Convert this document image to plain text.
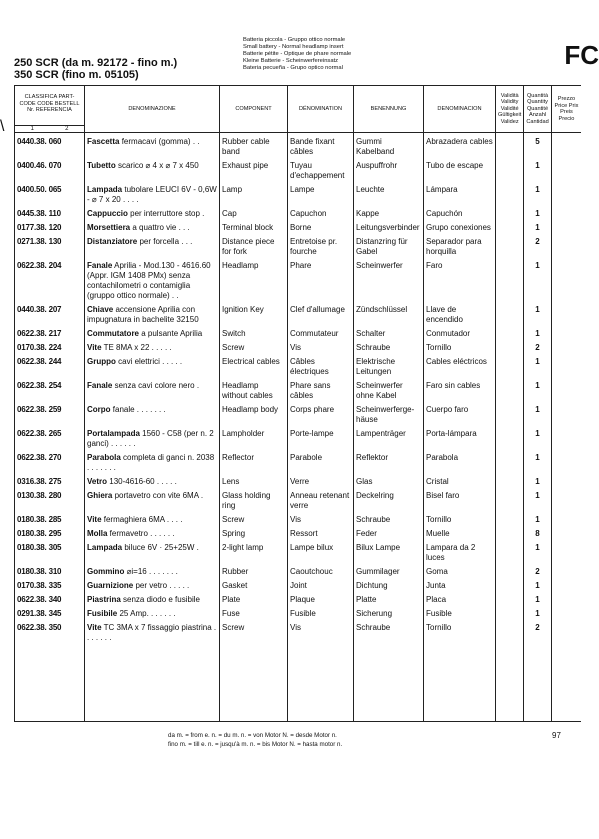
250 SCR (da m. 92172 - fino m.)
350 SCR (fino m. 05105)
Batteria piccola - Gruppo ottico normale
Small battery - Normal headlamp insert
Batterie pétite - Optique de phare normale
Kleine Batterie - Scheinwerfereinsatz
Bateria pecueña - Grupo optico normal	FC
\
CLASSIFICA PART-CODE CODE BESTELL Nr. REFERENCIA
1 2	DENOMINAZIONE	COMPONENT	DÉNOMINATION	BENENNUNG	DENOMINACION	Validità Validity Validité Gültigkeit Validez	Quantità Quantity Quantité Anzahl Cantidad	Prezzo Price Prix Preis Precio

0440.38. 060	Fascetta fermacavi (gomma) . .	Rubber cable band	Bande fixant câbles	Gummi Kabelband	Abrazadera cables		5	

0400.46. 070	Tubetto scarico ⌀ 4 x ⌀ 7 x 450	Exhaust pipe	Tuyau d'echappement	Auspuffrohr	Tubo de escape		1	

0400.50. 065	Lampada tubolare LEUCI 6V - 0,6W - ⌀ 7 x 20 . . . .	Lamp	Lampe	Leuchte	Lámpara		1	

0445.38. 110	Cappuccio per interruttore stop .	Cap	Capuchon	Kappe	Capuchón		1	

0177.38. 120	Morsettiera a quattro vie . . .	Terminal block	Borne	Leitungsverbinder	Grupo conexiones		1	

0271.38. 130	Distanziatore per forcella . . .	Distance piece for fork	Entretoise pr. fourche	Distanzring für Gabel	Separador para horquilla		2	

0622.38. 204	Fanale Aprilia - Mod.130 - 4616.60 (Appr. IGM 1408 PMx) senza contachilometri o contamiglia (gruppo ottico normale) . .	Headlamp	Phare	Scheinwerfer	Faro		1	

0440.38. 207	Chiave accensione Aprilia con impugnatura in bachelite 32150	Ignition Key	Clef d'allumage	Zündschlüssel	Llave de encendido		1	

0622.38. 217	Commutatore a pulsante Aprilia	Switch	Commutateur	Schalter	Conmutador		1	

0170.38. 224	Vite TE 8MA x 22 . . . . .	Screw	Vis	Schraube	Tornillo		2	

0622.38. 244	Gruppo cavi elettrici . . . . .	Electrical cables	Câbles électriques	Elektrische Leitungen	Cables eléctricos		1	

0622.38. 254	Fanale senza cavi colore nero .	Headlamp without cables	Phare sans câbles	Scheinwerfer ohne Kabel	Faro sin cables		1	

0622.38. 259	Corpo fanale . . . . . . .	Headlamp body	Corps phare	Scheinwerferge-häuse	Cuerpo faro		1	

0622.38. 265	Portalampada 1560 - C58 (per n. 2 ganci) . . . . . .	Lampholder	Porte-lampe	Lampenträger	Porta-lámpara		1	

0622.38. 270	Parabola completa di ganci n. 2038 . . . . . . .	Reflector	Parabole	Reflektor	Parabola		1	

0316.38. 275	Vetro 130-4616-60 . . . . .	Lens	Verre	Glas	Cristal		1	

0130.38. 280	Ghiera portavetro con vite 6MA .	Glass holding ring	Anneau retenant verre	Deckelring	Bisel faro		1	

0180.38. 285	Vite fermaghiera 6MA . . . .	Screw	Vis	Schraube	Tornillo		1	

0180.38. 295	Molla fermavetro . . . . . .	Spring	Ressort	Feder	Muelle		8	

0180.38. 305	Lampada biluce 6V · 25+25W .	2-light lamp	Lampe bilux	Bilux Lampe	Lampara da 2 luces		1	

0180.38. 310	Gommino ⌀i=16 . . . . . . .	Rubber	Caoutchouc	Gummilager	Goma		2	

0170.38. 335	Guarnizione per vetro . . . . .	Gasket	Joint	Dichtung	Junta		1	

0622.38. 340	Piastrina senza diodo e fusibile	Plate	Plaque	Platte	Placa		1	

0291.38. 345	Fusibile 25 Amp. . . . . . .	Fuse	Fusible	Sicherung	Fusible		1	

0622.38. 350	Vite TC 3MA x 7 fissaggio piastrina . . . . . . .	Screw	Vis	Schraube	Tornillo		2	

da m. = from e. n. = du m. n. = von Motor N. = desde Motor n.
fino m. = till e. n. = jusqu'à m. n. = bis Motor N. = hasta motor n.
97
